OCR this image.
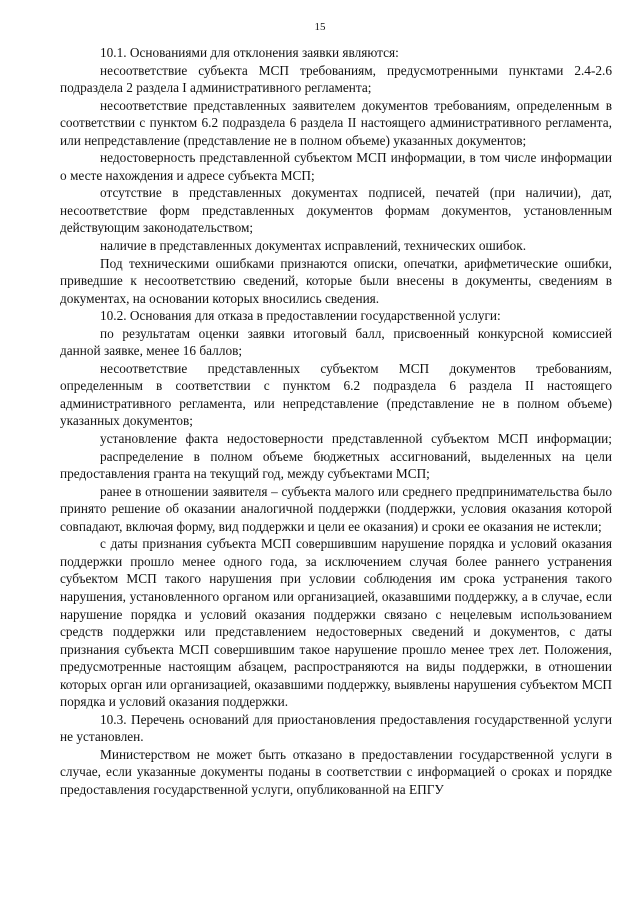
15

10.1. Основаниями для отклонения заявки являются:

несоответствие субъекта МСП требованиям, предусмотренными пунктами 2.4-2.6 подраздела 2 раздела I административного регламента;

несоответствие представленных заявителем документов требованиям, определенным в соответствии с пунктом 6.2 подраздела 6 раздела II настоящего административного регламента, или непредставление (представление не в полном объеме) указанных документов;

недостоверность представленной субъектом МСП информации, в том числе информации о месте нахождения и адресе субъекта МСП;

отсутствие в представленных документах подписей, печатей (при наличии), дат, несоответствие форм представленных документов формам документов, установленным действующим законодательством;

наличие в представленных документах исправлений, технических ошибок.

Под техническими ошибками признаются описки, опечатки, арифметические ошибки, приведшие к несоответствию сведений, которые были внесены в документы, сведениям в документах, на основании которых вносились сведения.

10.2. Основания для отказа в предоставлении государственной услуги:

по результатам оценки заявки итоговый балл, присвоенный конкурсной комиссией данной заявке, менее 16 баллов;

несоответствие представленных субъектом МСП документов требованиям, определенным в соответствии с пунктом 6.2 подраздела 6 раздела II настоящего административного регламента, или непредставление (представление не в полном объеме) указанных документов;

установление факта недостоверности представленной субъектом МСП информации;

распределение в полном объеме бюджетных ассигнований, выделенных на цели предоставления гранта на текущий год, между субъектами МСП;

ранее в отношении заявителя – субъекта малого или среднего предпринимательства было принято решение об оказании аналогичной поддержки (поддержки, условия оказания которой совпадают, включая форму, вид поддержки и цели ее оказания) и сроки ее оказания не истекли;

с даты признания субъекта МСП совершившим нарушение порядка и условий оказания поддержки прошло менее одного года, за исключением случая более раннего устранения субъектом МСП такого нарушения при условии соблюдения им срока устранения такого нарушения, установленного органом или организацией, оказавшими поддержку, а в случае, если нарушение порядка и условий оказания поддержки связано с нецелевым использованием средств поддержки или представлением недостоверных сведений и документов, с даты признания субъекта МСП совершившим такое нарушение прошло менее трех лет. Положения, предусмотренные настоящим абзацем, распространяются на виды поддержки, в отношении которых орган или организацией, оказавшими поддержку, выявлены нарушения субъектом МСП порядка и условий оказания поддержки.

10.3. Перечень оснований для приостановления предоставления государственной услуги не установлен.

Министерством не может быть отказано в предоставлении государственной услуги в случае, если указанные документы поданы в соответствии с информацией о сроках и порядке предоставления государственной услуги, опубликованной на ЕПГУ
